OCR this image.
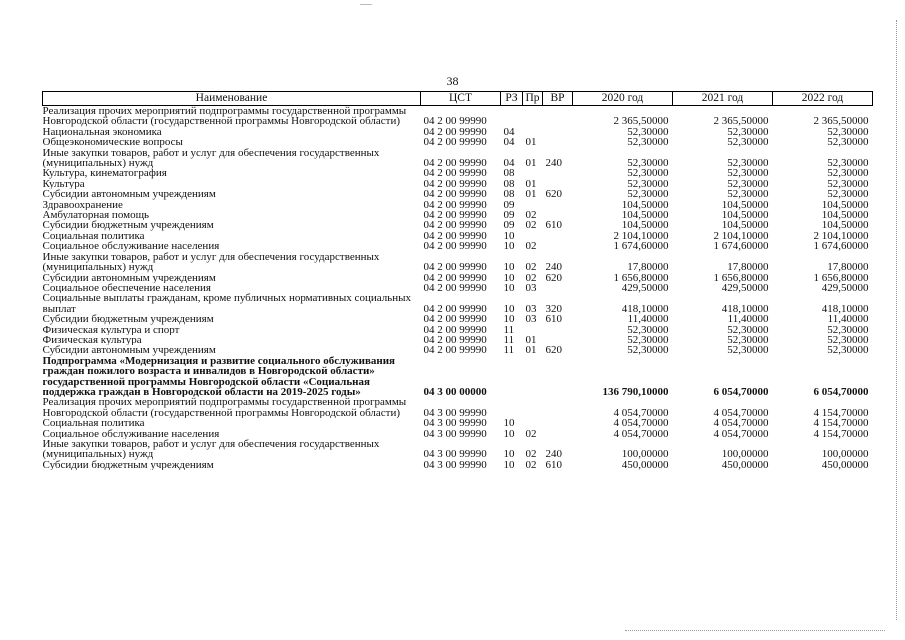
38
Наименование	ЦСТ	РЗ	Пр	ВР	2020 год	2021 год	2022 год
Реализация прочих мероприятий подпрограммы государственной программы Новгородской области (государственной программы Новгородской области)	04 2 00 99990				2 365,50000	2 365,50000	2 365,50000
Национальная экономика	04 2 00 99990	04			52,30000	52,30000	52,30000
Общеэкономические вопросы	04 2 00 99990	04	01		52,30000	52,30000	52,30000
Иные закупки товаров, работ и услуг для обеспечения государственных (муниципальных) нужд	04 2 00 99990	04	01	240	52,30000	52,30000	52,30000
Культура, кинематография	04 2 00 99990	08			52,30000	52,30000	52,30000
Культура	04 2 00 99990	08	01		52,30000	52,30000	52,30000
Субсидии автономным учреждениям	04 2 00 99990	08	01	620	52,30000	52,30000	52,30000
Здравоохранение	04 2 00 99990	09			104,50000	104,50000	104,50000
Амбулаторная помощь	04 2 00 99990	09	02		104,50000	104,50000	104,50000
Субсидии бюджетным учреждениям	04 2 00 99990	09	02	610	104,50000	104,50000	104,50000
Социальная политика	04 2 00 99990	10			2 104,10000	2 104,10000	2 104,10000
Социальное обслуживание населения	04 2 00 99990	10	02		1 674,60000	1 674,60000	1 674,60000
Иные закупки товаров, работ и услуг для обеспечения государственных (муниципальных) нужд	04 2 00 99990	10	02	240	17,80000	17,80000	17,80000
Субсидии автономным учреждениям	04 2 00 99990	10	02	620	1 656,80000	1 656,80000	1 656,80000
Социальное обеспечение населения	04 2 00 99990	10	03		429,50000	429,50000	429,50000
Социальные выплаты гражданам, кроме публичных нормативных социальных выплат	04 2 00 99990	10	03	320	418,10000	418,10000	418,10000
Субсидии бюджетным учреждениям	04 2 00 99990	10	03	610	11,40000	11,40000	11,40000
Физическая культура и спорт	04 2 00 99990	11			52,30000	52,30000	52,30000
Физическая культура	04 2 00 99990	11	01		52,30000	52,30000	52,30000
Субсидии автономным учреждениям	04 2 00 99990	11	01	620	52,30000	52,30000	52,30000
Подпрограмма «Модернизация и развитие социального обслуживания граждан пожилого возраста и инвалидов в Новгородской области» государственной программы Новгородской области «Социальная поддержка граждан в Новгородской области на 2019-2025 годы»	04 3 00 00000				136 790,10000	6 054,70000	6 054,70000
Реализация прочих мероприятий подпрограммы государственной программы Новгородской области (государственной программы Новгородской области)	04 3 00 99990				4 054,70000	4 054,70000	4 154,70000
Социальная политика	04 3 00 99990	10			4 054,70000	4 054,70000	4 154,70000
Социальное обслуживание населения	04 3 00 99990	10	02		4 054,70000	4 054,70000	4 154,70000
Иные закупки товаров, работ и услуг для обеспечения государственных (муниципальных) нужд	04 3 00 99990	10	02	240	100,00000	100,00000	100,00000
Субсидии бюджетным учреждениям	04 3 00 99990	10	02	610	450,00000	450,00000	450,00000
